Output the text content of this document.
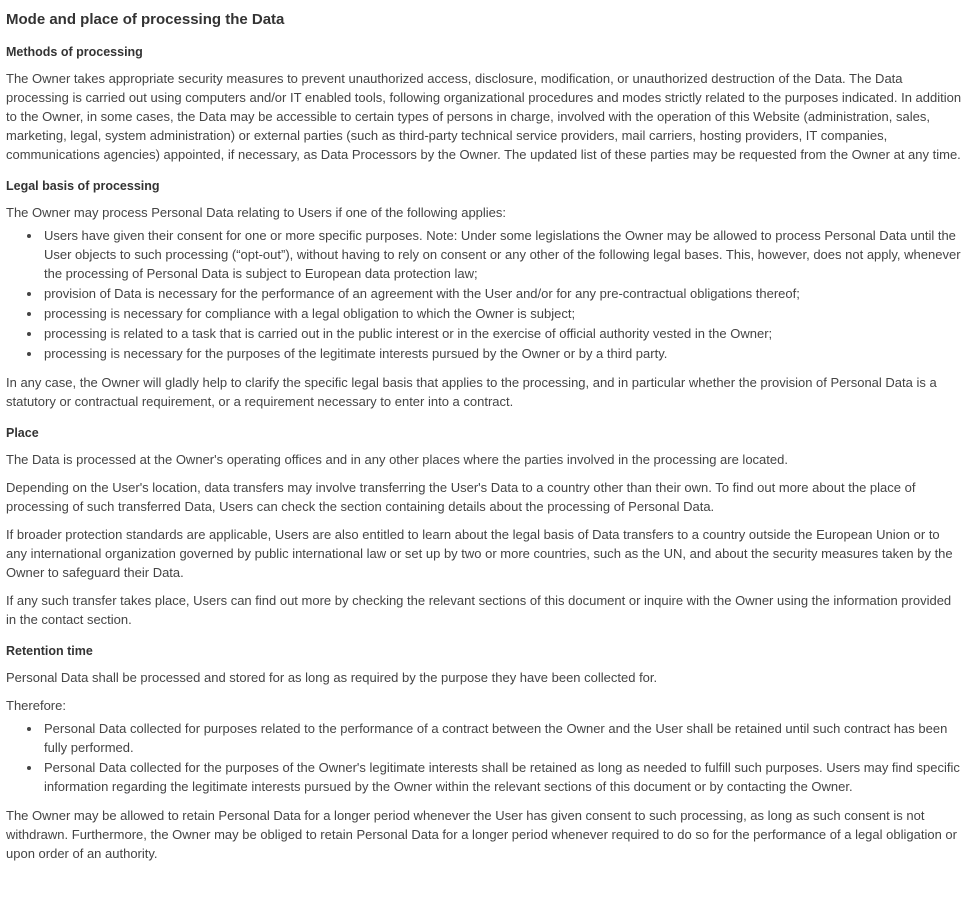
Mode and place of processing the Data
Methods of processing

The Owner takes appropriate security measures to prevent unauthorized access, disclosure, modification, or unauthorized destruction of the Data. The Data processing is carried out using computers and/or IT enabled tools, following organizational procedures and modes strictly related to the purposes indicated. In addition to the Owner, in some cases, the Data may be accessible to certain types of persons in charge, involved with the operation of this Website (administration, sales, marketing, legal, system administration) or external parties (such as third-party technical service providers, mail carriers, hosting providers, IT companies, communications agencies) appointed, if necessary, as Data Processors by the Owner. The updated list of these parties may be requested from the Owner at any time.

Legal basis of processing

The Owner may process Personal Data relating to Users if one of the following applies:

• Users have given their consent for one or more specific purposes. Note: Under some legislations the Owner may be allowed to process Personal Data until the User objects to such processing (“opt-out”), without having to rely on consent or any other of the following legal bases. This, however, does not apply, whenever the processing of Personal Data is subject to European data protection law;
• provision of Data is necessary for the performance of an agreement with the User and/or for any pre-contractual obligations thereof;
• processing is necessary for compliance with a legal obligation to which the Owner is subject;
• processing is related to a task that is carried out in the public interest or in the exercise of official authority vested in the Owner;
• processing is necessary for the purposes of the legitimate interests pursued by the Owner or by a third party.

In any case, the Owner will gladly help to clarify the specific legal basis that applies to the processing, and in particular whether the provision of Personal Data is a statutory or contractual requirement, or a requirement necessary to enter into a contract.

Place

The Data is processed at the Owner's operating offices and in any other places where the parties involved in the processing are located.

Depending on the User's location, data transfers may involve transferring the User's Data to a country other than their own. To find out more about the place of processing of such transferred Data, Users can check the section containing details about the processing of Personal Data.

If broader protection standards are applicable, Users are also entitled to learn about the legal basis of Data transfers to a country outside the European Union or to any international organization governed by public international law or set up by two or more countries, such as the UN, and about the security measures taken by the Owner to safeguard their Data.

If any such transfer takes place, Users can find out more by checking the relevant sections of this document or inquire with the Owner using the information provided in the contact section.

Retention time

Personal Data shall be processed and stored for as long as required by the purpose they have been collected for.

Therefore:

• Personal Data collected for purposes related to the performance of a contract between the Owner and the User shall be retained until such contract has been fully performed.
• Personal Data collected for the purposes of the Owner's legitimate interests shall be retained as long as needed to fulfill such purposes. Users may find specific information regarding the legitimate interests pursued by the Owner within the relevant sections of this document or by contacting the Owner.

The Owner may be allowed to retain Personal Data for a longer period whenever the User has given consent to such processing, as long as such consent is not withdrawn. Furthermore, the Owner may be obliged to retain Personal Data for a longer period whenever required to do so for the performance of a legal obligation or upon order of an authority.
